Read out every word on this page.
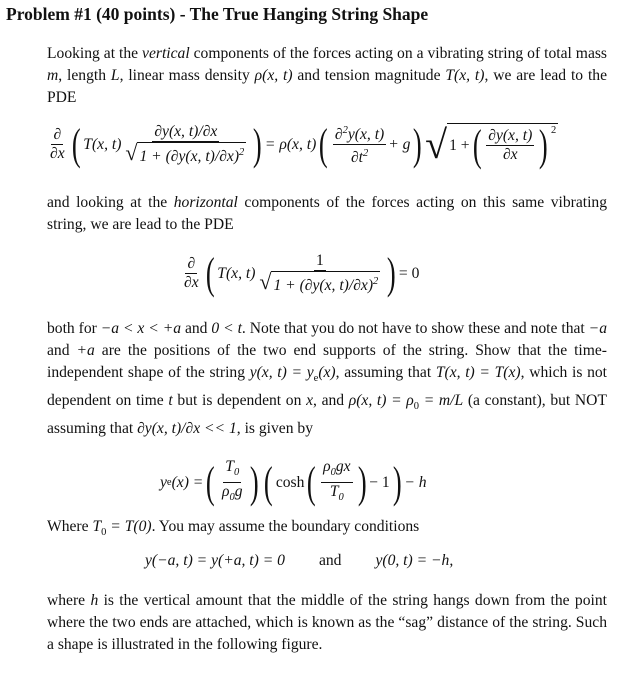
Problem #1 (40 points) - The True Hanging String Shape
Looking at the vertical components of the forces acting on a vibrating string of total mass m, length L, linear mass density ρ(x, t) and tension magnitude T(x, t), we are lead to the PDE
$\frac{\partial}{\partial x}$ ( T(x, $t) \frac{\partial y(x, t)/\partial x}{√ 1 + (\partial y(x, t)/\partial x)^2}$ ) = ρ(x, t) ( $\frac{\partial^2y(x, t)}{\partial t^2} + g$ ) √ 1 + ( $\frac{\partial y(x, t)}{\partial x}$ ) $^2$
and looking at the horizontal components of the forces acting on this same vibrating string, we are lead to the PDE
$\frac{\partial}{\partial x}$ ( T(x, $t) \frac{1}{√ 1 + (\partial y(x, t)/\partial x)^2}$ ) = 0
both for −a < x < +a and 0 < t. Note that you do not have to show these and note that −a and +a are the positions of the two end supports of the string. Show that the time-independent shape of the string y(x, $t) = y_e(x)$, assuming that T(x, t) = T(x), which is not dependent on time t but is dependent on x, and ρ(x, $t) = \rho_0 = m/L$ (a constant), but NOT assuming that ∂y(x, t)/∂x << 1, is given by
y e (x) = ( $\frac{T_0}{\rho_0g}$ ) ( cosh ( $\frac{\rho_0gx}{T_0}$ ) − 1 ) − h
Where $T_0 = T(0)$. You may assume the boundary conditions
y(−a, t) = y(+a, t) = 0 and y(0, t) = −h,
where h is the vertical amount that the middle of the string hangs down from the point where the two ends are attached, which is known as the “sag” distance of the string. Such a shape is illustrated in the following figure.
